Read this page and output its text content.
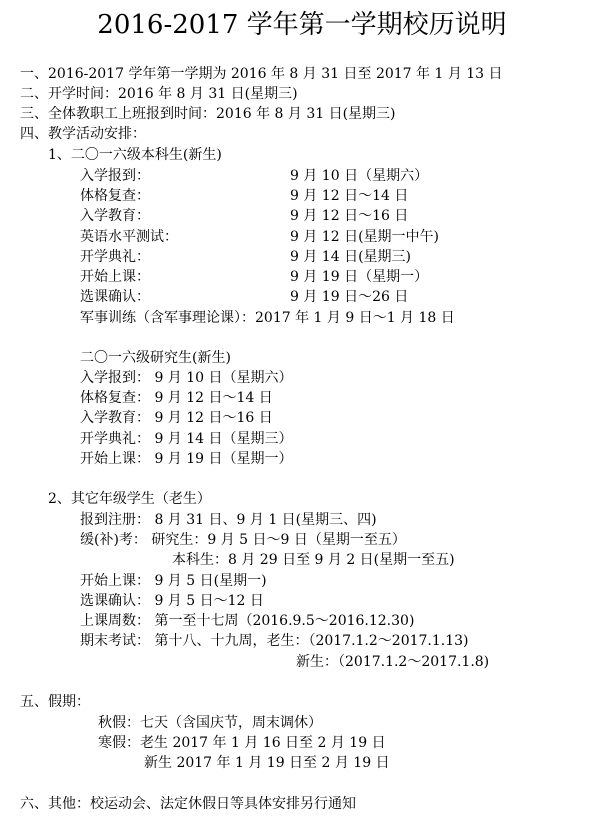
2016-2017 学年第一学期校历说明
一、2016-2017 学年第一学期为 2016 年 8 月 31 日至 2017 年 1 月 13 日
二、开学时间：2016 年 8 月 31 日(星期三)
三、全体教职工上班报到时间：2016 年 8 月 31 日(星期三)
四、教学活动安排：
1、二〇一六级本科生(新生)
入学报到：	9 月 10 日（星期六）
体格复查：	9 月 12 日～14 日
入学教育：	9 月 12 日～16 日
英语水平测试：	9 月 12 日(星期一中午)
开学典礼：	9 月 14 日(星期三)
开始上课：	9 月 19 日（星期一）
选课确认：	9 月 19 日～26 日
军事训练（含军事理论课）：2017 年 1 月 9 日～1 月 18 日
二〇一六级研究生(新生)
入学报到： 9 月 10 日（星期六）
体格复查： 9 月 12 日～14 日
入学教育： 9 月 12 日～16 日
开学典礼： 9 月 14 日（星期三）
开始上课： 9 月 19 日（星期一）
2、其它年级学生（老生）
报到注册： 8 月 31 日、9 月 1 日(星期三、四)
缓(补)考： 研究生：9 月 5 日～9 日（星期一至五）
本科生：8 月 29 日至 9 月 2 日(星期一至五)
开始上课： 9 月 5 日(星期一)
选课确认： 9 月 5 日～12 日
上课周数： 第一至十七周（2016.9.5～2016.12.30)
期末考试： 第十八、十九周，老生：（2017.1.2～2017.1.13)
新生：（2017.1.2～2017.1.8)
五、假期：
秋假：七天（含国庆节，周末调休）
寒假：老生 2017 年 1 月 16 日至 2 月 19 日
新生 2017 年 1 月 19 日至 2 月 19 日
六、其他：校运动会、法定休假日等具体安排另行通知
